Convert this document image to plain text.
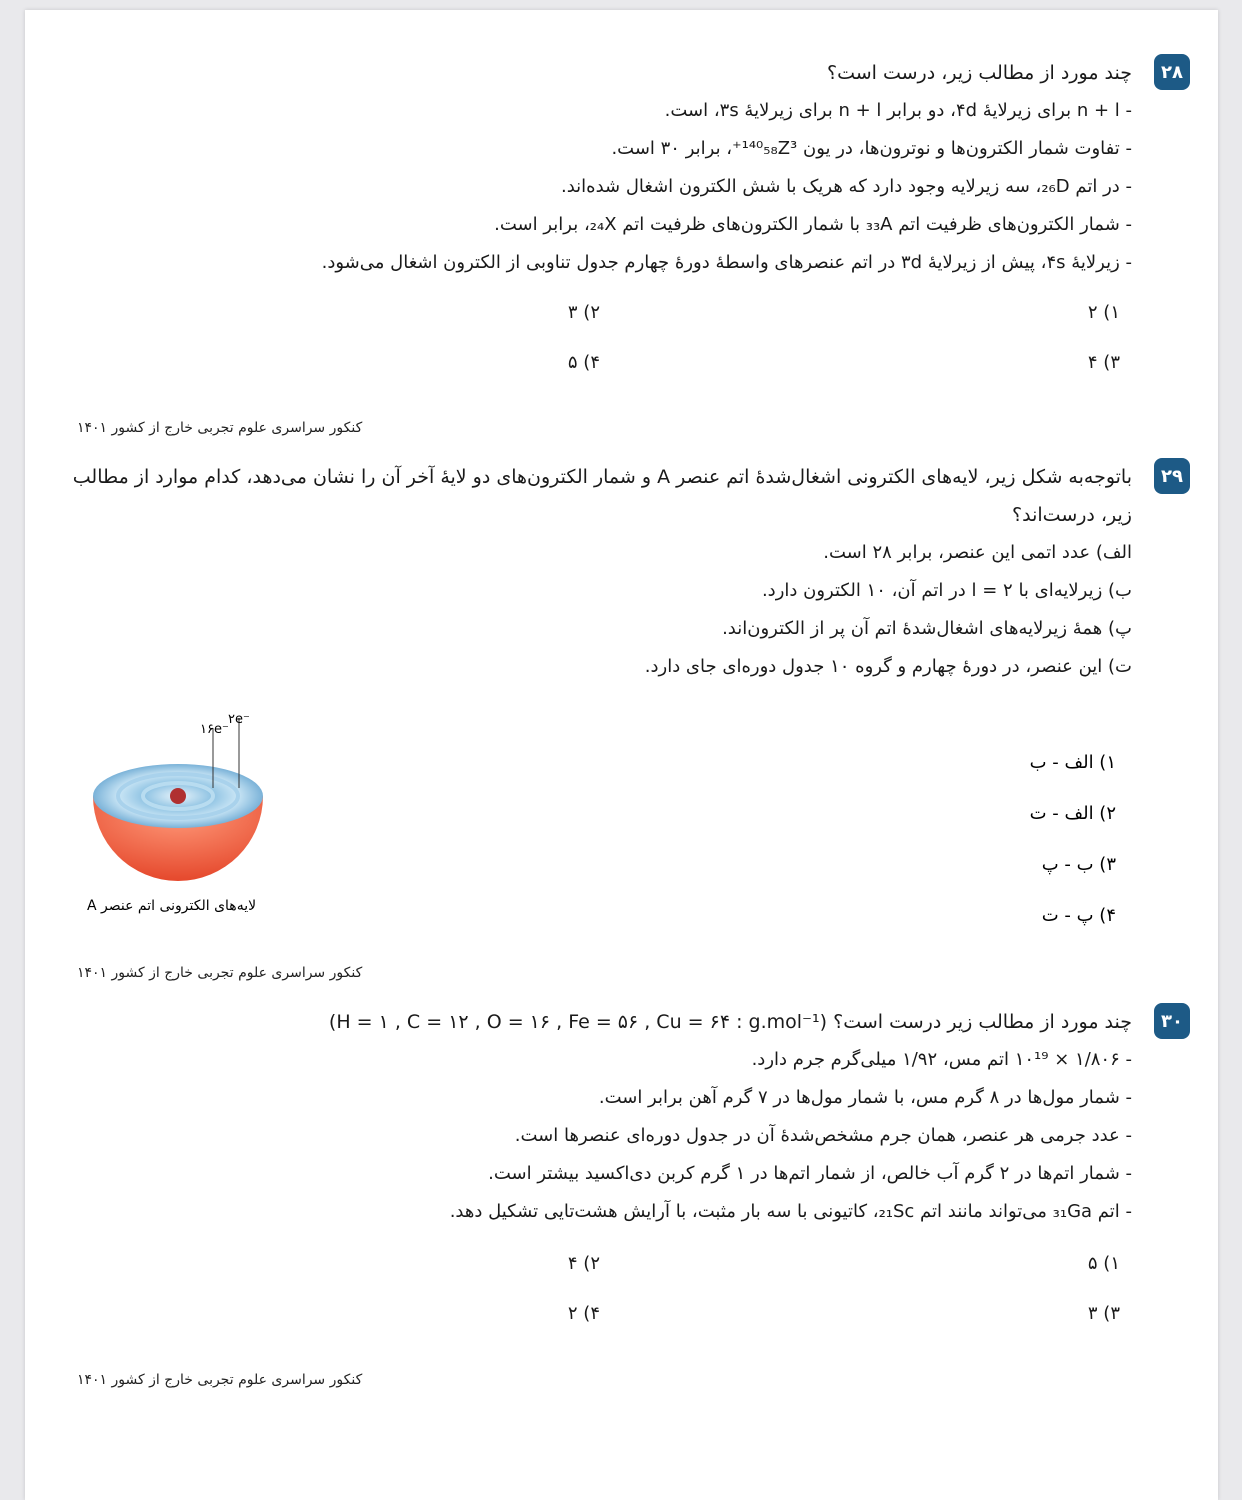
۲۸
چند مورد از مطالب زیر، درست است؟
- n + l برای زیرلایهٔ ۴d، دو برابر n + l برای زیرلایهٔ ۳s، است.
- تفاوت شمار الکترون‌ها و نوترون‌ها، در یون ¹⁴⁰₅₈Z³⁺، برابر ۳۰ است.
- در اتم ₂₆D، سه زیرلایه وجود دارد که هریک با شش الکترون اشغال شده‌اند.
- شمار الکترون‌های ظرفیت اتم ₃₃A با شمار الکترون‌های ظرفیت اتم ₂₄X، برابر است.
- زیرلایهٔ ۴s، پیش از زیرلایهٔ ۳d در اتم عنصرهای واسطهٔ دورهٔ چهارم جدول تناوبی از الکترون اشغال می‌شود.
۱) ۲
۲) ۳
۳) ۴
۴) ۵
کنکور سراسری علوم تجربی خارج از کشور ۱۴۰۱
۲۹
باتوجه‌به شکل زیر، لایه‌های الکترونی اشغال‌شدهٔ اتم عنصر A و شمار الکترون‌های دو لایهٔ آخر آن را نشان می‌دهد، کدام موارد از مطالب زیر، درست‌اند؟
الف) عدد اتمی این عنصر، برابر ۲۸ است.
ب) زیرلایه‌ای با l = ۲ در اتم آن، ۱۰ الکترون دارد.
پ) همهٔ زیرلایه‌های اشغال‌شدهٔ اتم آن پر از الکترون‌اند.
ت) این عنصر، در دورهٔ چهارم و گروه ۱۰ جدول دوره‌ای جای دارد.
۱) الف - ب
۲) الف - ت
۳) ب - پ
۴) پ - ت
۱۶e⁻
۲e⁻
لایه‌های الکترونی اتم عنصر A
کنکور سراسری علوم تجربی خارج از کشور ۱۴۰۱
۳۰
چند مورد از مطالب زیر درست است؟ (H = ۱ , C = ۱۲ , O = ۱۶ , Fe = ۵۶ , Cu = ۶۴ : g.mol⁻¹)
- ۱/۸۰۶ × ۱۰¹⁹ اتم مس، ۱/۹۲ میلی‌گرم جرم دارد.
- شمار مول‌ها در ۸ گرم مس، با شمار مول‌ها در ۷ گرم آهن برابر است.
- عدد جرمی هر عنصر، همان جرم مشخص‌شدهٔ آن در جدول دوره‌ای عنصرها است.
- شمار اتم‌ها در ۲ گرم آب خالص، از شمار اتم‌ها در ۱ گرم کربن دی‌اکسید بیشتر است.
- اتم ₃₁Ga می‌تواند مانند اتم ₂₁Sc، کاتیونی با سه بار مثبت، با آرایش هشت‌تایی تشکیل دهد.
۱) ۵
۲) ۴
۳) ۳
۴) ۲
کنکور سراسری علوم تجربی خارج از کشور ۱۴۰۱
